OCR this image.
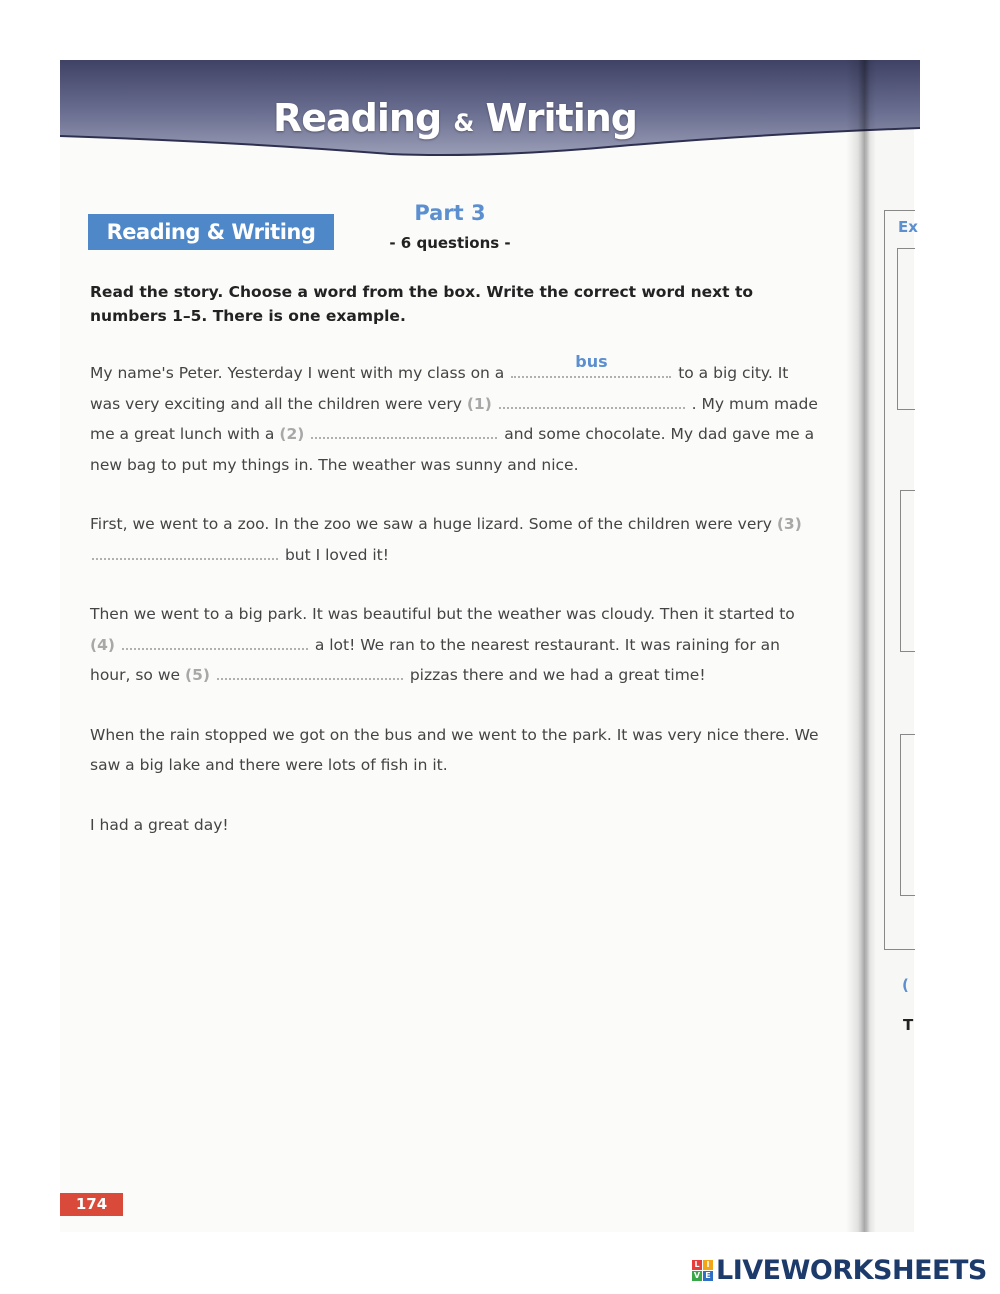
Reading & Writing
Reading & Writing
Part 3
- 6 questions -
Read the story. Choose a word from the box. Write the correct word next to numbers 1–5. There is one example.

My name's Peter. Yesterday I went with my class on a
bus
to a big city. It was very exciting and all the children were very (1)	. My mum made me a great lunch with a (2)	and some chocolate. My dad gave me a new bag to put my things in. The weather was sunny and nice.

First, we went to a zoo. In the zoo we saw a huge lizard. Some of the children were very (3)  but I loved it!

Then we went to a big park. It was beautiful but the weather was cloudy. Then it started to (4)	a lot! We ran to the nearest restaurant. It was raining for an hour, so we (5)	pizzas there and we had a great time!

When the rain stopped we got on the bus and we went to the park. It was very nice there. We saw a big lake and there were lots of fish in it.

I had a great day!

174
Ex
(
T
L I
V E LIVEWORKSHEETS
